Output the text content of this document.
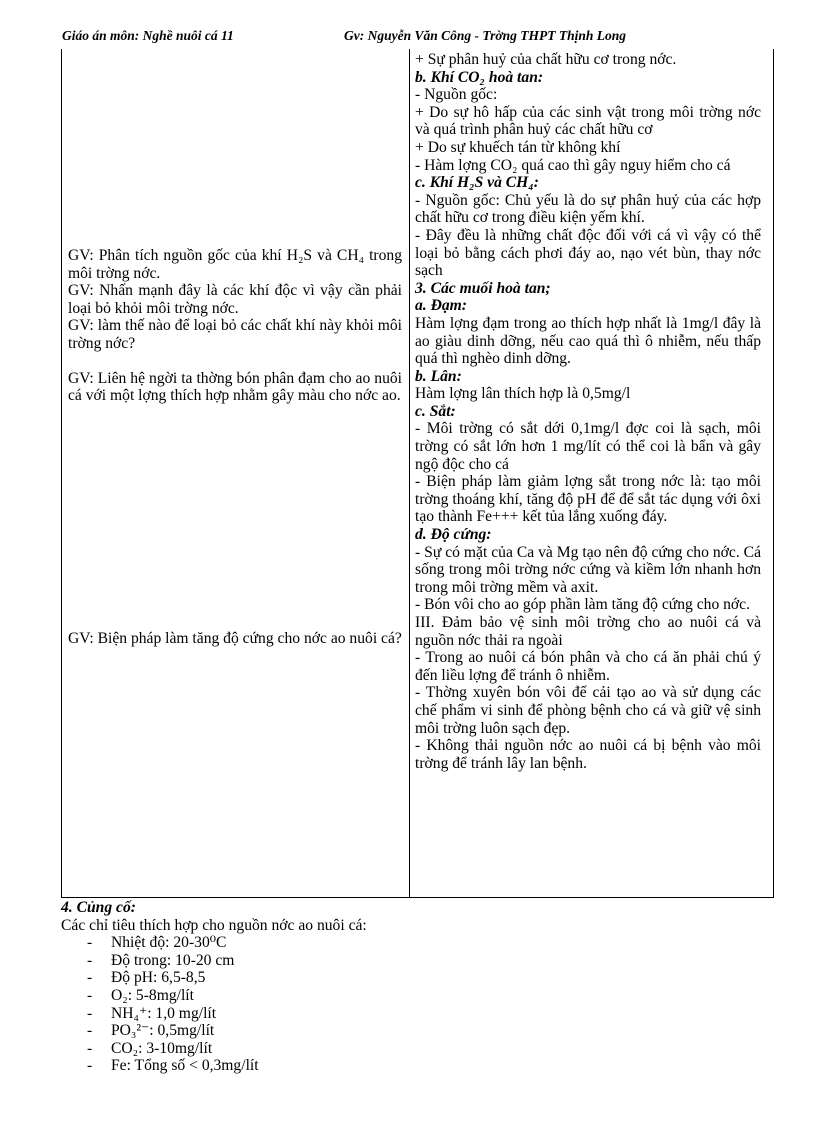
Giáo án môn: Nghề nuôi cá 11	Gv: Nguyễn Văn Công - Trờng THPT Thịnh Long

GV: Phân tích nguồn gốc của khí H₂S và CH₄ trong môi trờng nớc.

GV: Nhấn mạnh đây là các khí độc vì vậy cần phải loại bỏ khỏi môi trờng nớc.

GV: làm thế nào để loại bỏ các chất khí này khỏi môi trờng nớc?

GV: Liên hệ ngời ta thờng bón phân đạm cho ao nuôi cá với một lợng thích hợp nhằm gây màu cho nớc ao.

GV: Biện pháp làm tăng độ cứng cho nớc ao nuôi cá?

+ Sự phân huỷ của chất hữu cơ trong nớc.

b. Khí CO₂ hoà tan:

- Nguồn gốc:

+ Do sự hô hấp của các sinh vật trong môi trờng nớc và quá trình phân huỷ các chất hữu cơ

+ Do sự khuếch tán từ không khí

- Hàm lợng CO₂ quá cao thì gây nguy hiểm cho cá

c. Khí H₂S và CH₄:

- Nguồn gốc: Chủ yếu là do sự phân huỷ của các hợp chất hữu cơ trong điều kiện yếm khí.

- Đây đều là những chất độc đối với cá vì vậy có thể loại bỏ bằng cách phơi đáy ao, nạo vét bùn, thay nớc sạch

3. Các muối hoà tan;

a. Đạm:

Hàm lợng đạm trong ao thích hợp nhất là 1mg/l đây là ao giàu dinh dỡng, nếu cao quá thì ô nhiễm, nếu thấp quá thì nghèo dinh dỡng.

b. Lân:

Hàm lợng lân thích hợp là 0,5mg/l

c. Sắt:

- Môi trờng có sắt dới 0,1mg/l đợc coi là sạch, môi trờng có sắt lớn hơn 1 mg/lít có thể coi là bẩn và gây ngộ độc cho cá

- Biện pháp làm giảm lợng sắt trong nớc là: tạo môi trờng thoáng khí, tăng độ pH để để sắt tác dụng với ôxi tạo thành Fe+++ kết tủa lắng xuống đáy.

d. Độ cứng:

- Sự có mặt của Ca và Mg tạo nên độ cứng cho nớc. Cá sống trong môi trờng nớc cứng và kiềm lớn nhanh hơn trong môi trờng mềm và axit.

- Bón vôi cho ao góp phần làm tăng độ cứng cho nớc.

III. Đảm bảo vệ sinh môi trờng cho ao nuôi cá và nguồn nớc thải ra ngoài

- Trong ao nuôi cá bón phân và cho cá ăn phải chú ý đến liều lợng để tránh ô nhiễm.

- Thờng xuyên bón vôi để cải tạo ao và sử dụng các chế phẩm vi sinh để phòng bệnh cho cá và giữ vệ sinh môi trờng luôn sạch đẹp.

- Không thải nguồn nớc ao nuôi cá bị bệnh vào môi trờng để tránh lây lan bệnh.

4. Củng cố:

Các chỉ tiêu thích hợp cho nguồn nớc ao nuôi cá:

- Nhiệt độ: 20-30⁰C
- Độ trong: 10-20 cm
- Độ pH: 6,5-8,5
- O₂: 5-8mg/lít
- NH₄⁺: 1,0 mg/lít
- PO₃²⁻: 0,5mg/lít
- CO₂: 3-10mg/lít
- Fe: Tổng số < 0,3mg/lít
